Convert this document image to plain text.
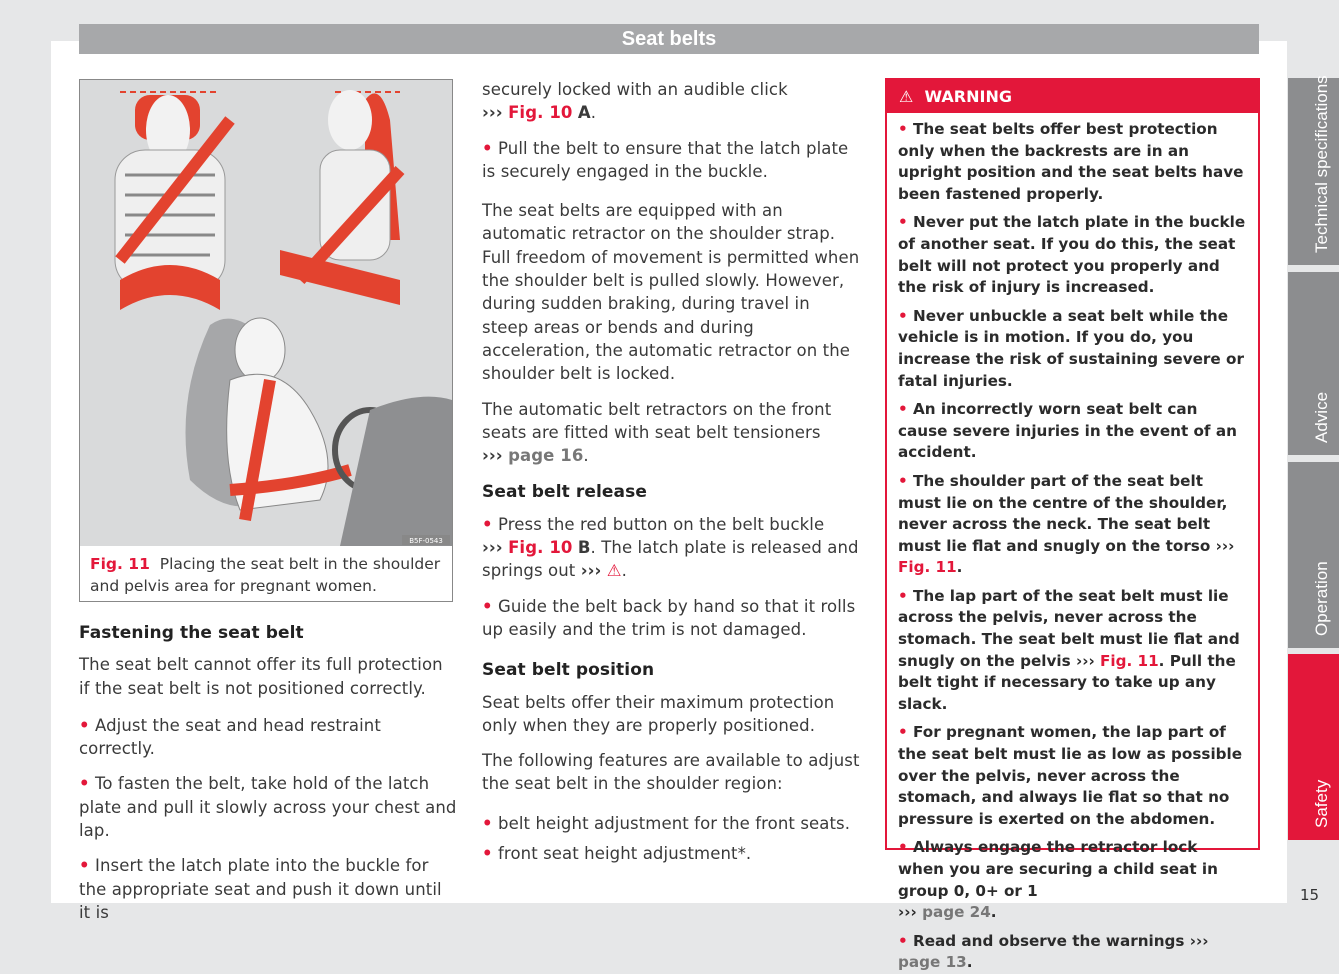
Seat belts
B5F-0543
Fig. 11 Placing the seat belt in the shoulder and pelvis area for pregnant women.
Fastening the seat belt

The seat belt cannot offer its full protection if the seat belt is not positioned correctly.

• Adjust the seat and head restraint correctly.

• To fasten the belt, take hold of the latch plate and pull it slowly across your chest and lap.

• Insert the latch plate into the buckle for the appropriate seat and push it down until it is

securely locked with an audible click
››› Fig. 10 A.

• Pull the belt to ensure that the latch plate is securely engaged in the buckle.

The seat belts are equipped with an automatic retractor on the shoulder strap. Full freedom of movement is permitted when the shoulder belt is pulled slowly. However, during sudden braking, during travel in steep areas or bends and during acceleration, the automatic retractor on the shoulder belt is locked.

The automatic belt retractors on the front seats are fitted with seat belt tensioners
››› page 16.

Seat belt release

• Press the red button on the belt buckle
››› Fig. 10 B. The latch plate is released and springs out ››› ⚠.

• Guide the belt back by hand so that it rolls up easily and the trim is not damaged.

Seat belt position

Seat belts offer their maximum protection only when they are properly positioned.

The following features are available to adjust the seat belt in the shoulder region:

• belt height adjustment for the front seats.

• front seat height adjustment*.

⚠ WARNING

• The seat belts offer best protection only when the backrests are in an upright position and the seat belts have been fastened properly.

• Never put the latch plate in the buckle of another seat. If you do this, the seat belt will not protect you properly and the risk of injury is increased.

• Never unbuckle a seat belt while the vehicle is in motion. If you do, you increase the risk of sustaining severe or fatal injuries.

• An incorrectly worn seat belt can cause severe injuries in the event of an accident.

• The shoulder part of the seat belt must lie on the centre of the shoulder, never across the neck. The seat belt must lie flat and snugly on the torso ››› Fig. 11.

• The lap part of the seat belt must lie across the pelvis, never across the stomach. The seat belt must lie flat and snugly on the pelvis ››› Fig. 11. Pull the belt tight if necessary to take up any slack.

• For pregnant women, the lap part of the seat belt must lie as low as possible over the pelvis, never across the stomach, and always lie flat so that no pressure is exerted on the abdomen.

• Always engage the retractor lock when you are securing a child seat in group 0, 0+ or 1
››› page 24.

• Read and observe the warnings ››› page 13.

Technical specifications
Advice
Operation
Safety
15
